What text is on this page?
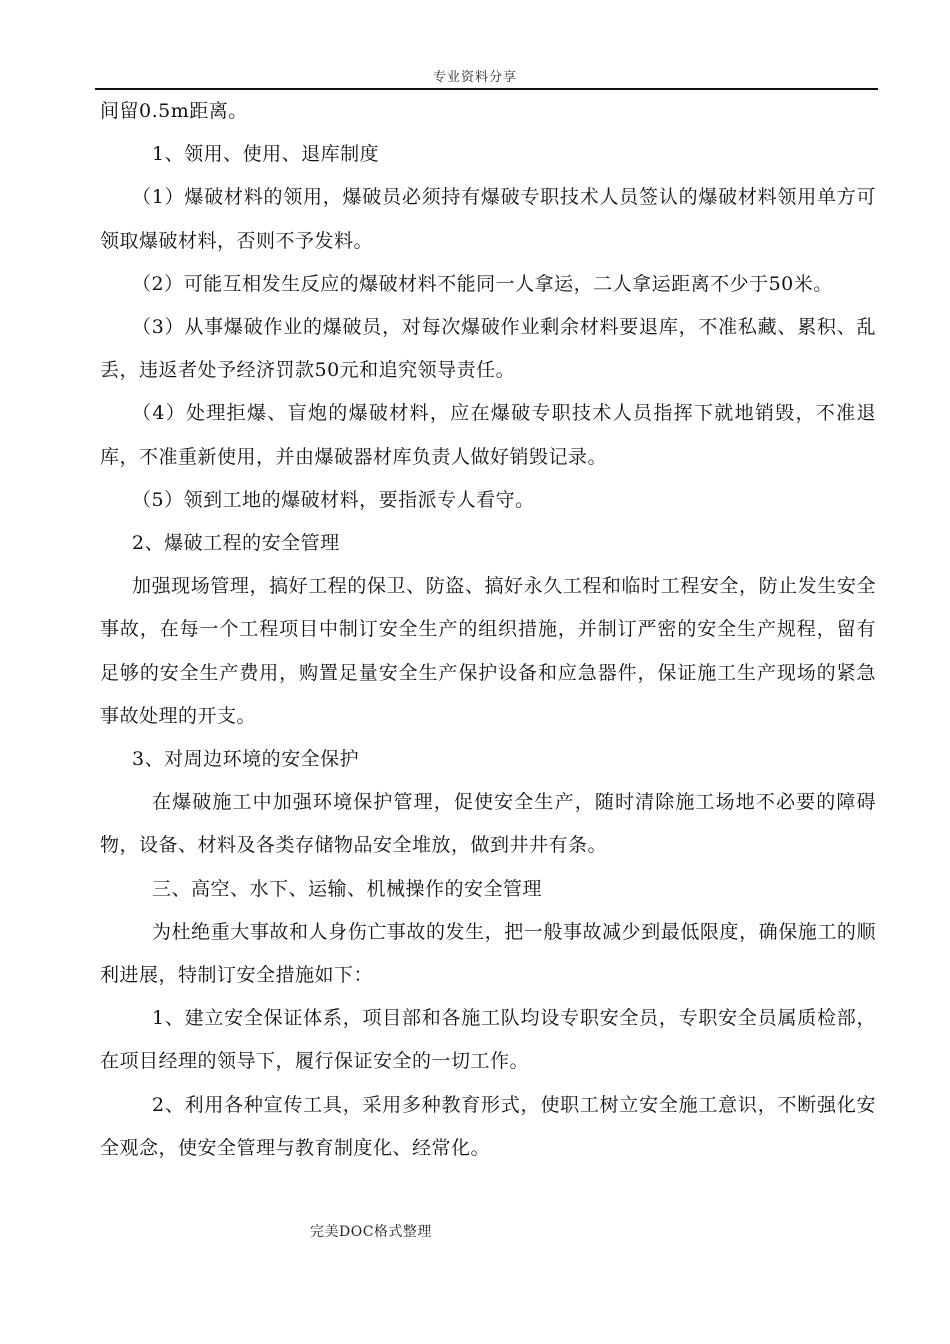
专业资料分享

间留0.5m距离。

1、领用、使用、退库制度

（1）爆破材料的领用，爆破员必须持有爆破专职技术人员签认的爆破材料领用单方可领取爆破材料，否则不予发料。

（2）可能互相发生反应的爆破材料不能同一人拿运，二人拿运距离不少于50米。

（3）从事爆破作业的爆破员，对每次爆破作业剩余材料要退库，不准私藏、累积、乱丢，违返者处予经济罚款50元和追究领导责任。

（4）处理拒爆、盲炮的爆破材料，应在爆破专职技术人员指挥下就地销毁，不准退库，不准重新使用，并由爆破器材库负责人做好销毁记录。

（5）领到工地的爆破材料，要指派专人看守。

2、爆破工程的安全管理

加强现场管理，搞好工程的保卫、防盗、搞好永久工程和临时工程安全，防止发生安全事故，在每一个工程项目中制订安全生产的组织措施，并制订严密的安全生产规程，留有足够的安全生产费用，购置足量安全生产保护设备和应急器件，保证施工生产现场的紧急事故处理的开支。

3、对周边环境的安全保护

在爆破施工中加强环境保护管理，促使安全生产，随时清除施工场地不必要的障碍物，设备、材料及各类存储物品安全堆放，做到井井有条。

三、高空、水下、运输、机械操作的安全管理

为杜绝重大事故和人身伤亡事故的发生，把一般事故减少到最低限度，确保施工的顺利进展，特制订安全措施如下：

1、建立安全保证体系，项目部和各施工队均设专职安全员，专职安全员属质检部，在项目经理的领导下，履行保证安全的一切工作。

2、利用各种宣传工具，采用多种教育形式，使职工树立安全施工意识，不断强化安全观念，使安全管理与教育制度化、经常化。

完美DOC格式整理
